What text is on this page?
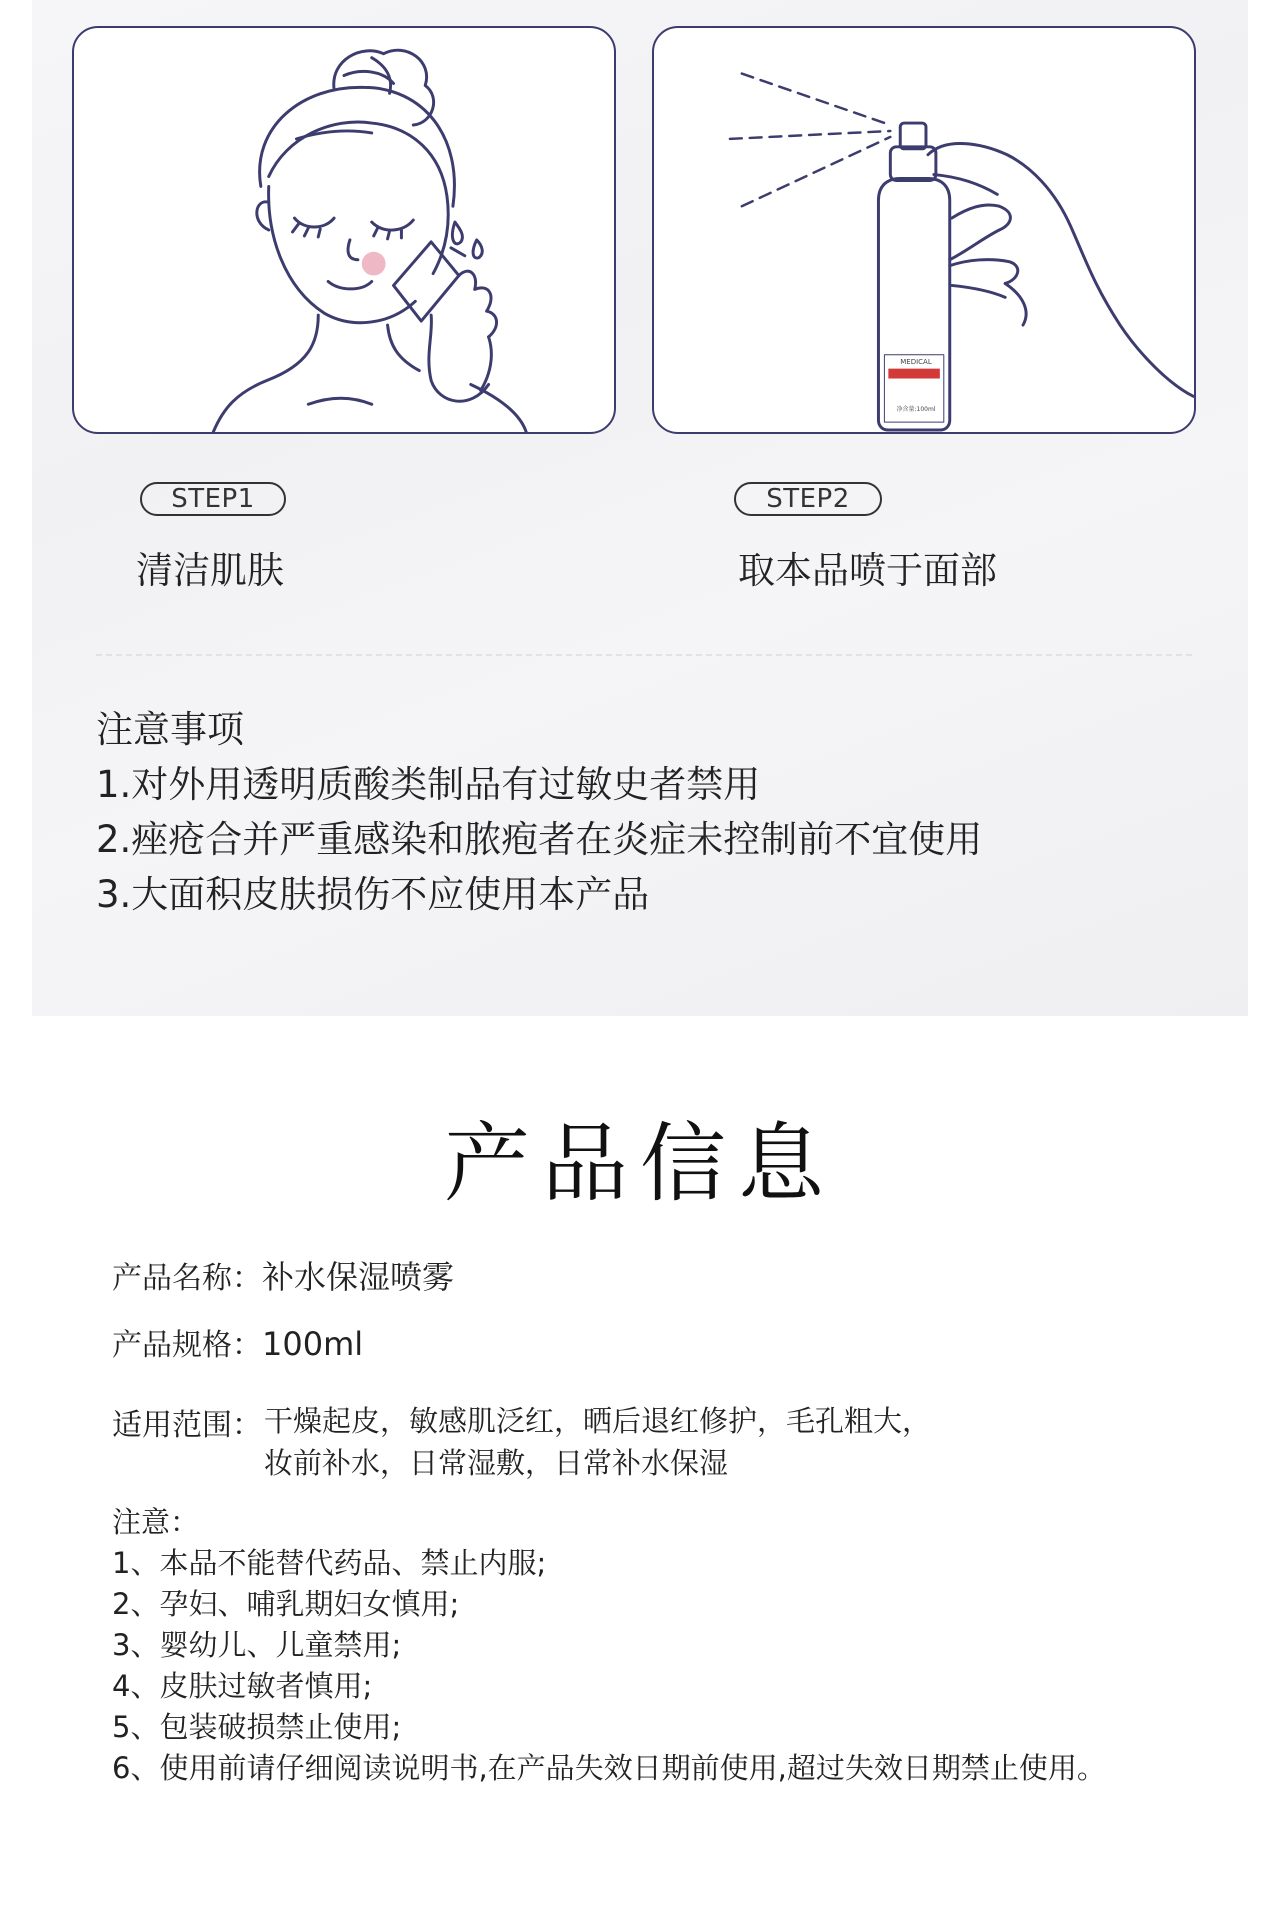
MEDICAL
净含量:100ml
STEP1
清洁肌肤
STEP2
取本品喷于面部
注意事项
1.对外用透明质酸类制品有过敏史者禁用
2.痤疮合并严重感染和脓疱者在炎症未控制前不宜使用
3.大面积皮肤损伤不应使用本产品
产品信息
产品名称：补水保湿喷雾
产品规格：100ml
适用范围： 干燥起皮，敏感肌泛红，晒后退红修护，毛孔粗大，
妆前补水，日常湿敷，日常补水保湿
注意：
1、本品不能替代药品、禁止内服;
2、孕妇、哺乳期妇女慎用;
3、婴幼儿、儿童禁用;
4、皮肤过敏者慎用;
5、包装破损禁止使用;
6、使用前请仔细阅读说明书,在产品失效日期前使用,超过失效日期禁止使用。
